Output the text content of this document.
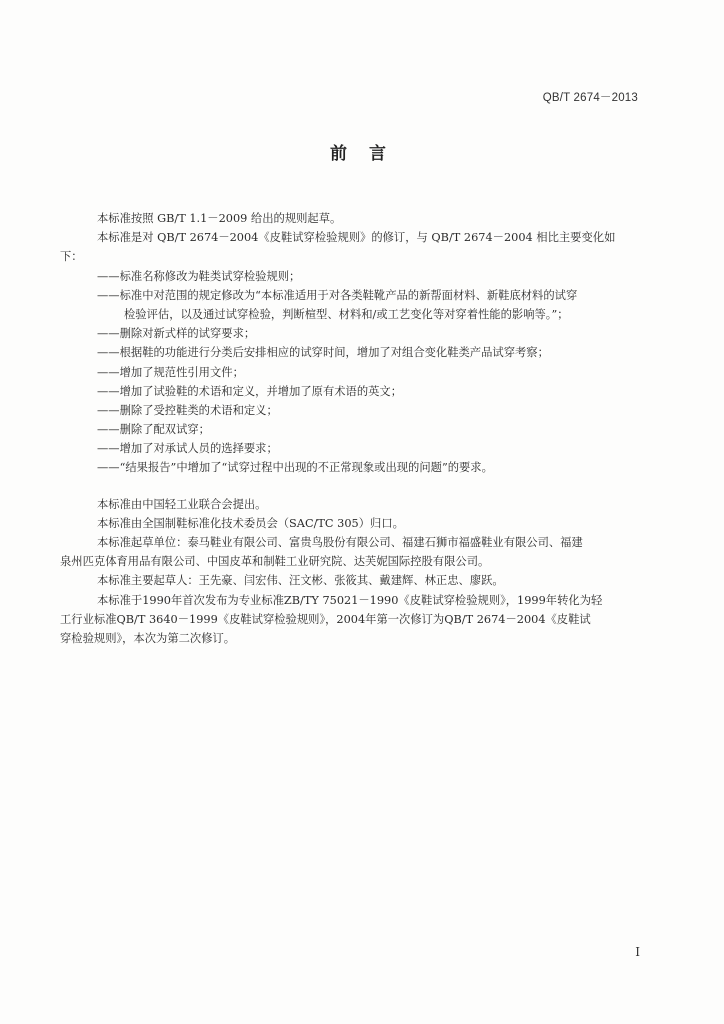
QB/T 2674－2013
前言
本标准按照 GB/T 1.1－2009 给出的规则起草。
本标准是对 QB/T 2674－2004《皮鞋试穿检验规则》的修订，与 QB/T 2674－2004 相比主要变化如
下：
——标准名称修改为鞋类试穿检验规则；
——标准中对范围的规定修改为“本标准适用于对各类鞋靴产品的新帮面材料、新鞋底材料的试穿
检验评估，以及通过试穿检验，判断楦型、材料和/或工艺变化等对穿着性能的影响等。”；
——删除对新式样的试穿要求；
——根据鞋的功能进行分类后安排相应的试穿时间，增加了对组合变化鞋类产品试穿考察；
——增加了规范性引用文件；
——增加了试验鞋的术语和定义，并增加了原有术语的英文；
——删除了受控鞋类的术语和定义；
——删除了配双试穿；
——增加了对承试人员的选择要求；
——“结果报告”中增加了“试穿过程中出现的不正常现象或出现的问题”的要求。
本标准由中国轻工业联合会提出。
本标准由全国制鞋标准化技术委员会（SAC/TC 305）归口。
本标准起草单位：泰马鞋业有限公司、富贵鸟股份有限公司、福建石狮市福盛鞋业有限公司、福建
泉州匹克体育用品有限公司、中国皮革和制鞋工业研究院、达芙妮国际控股有限公司。
本标准主要起草人：王先豪、闫宏伟、汪文彬、张筱其、戴建辉、林正忠、廖跃。
本标准于1990年首次发布为专业标准ZB/TY 75021－1990《皮鞋试穿检验规则》，1999年转化为轻
工行业标准QB/T 3640－1999《皮鞋试穿检验规则》，2004年第一次修订为QB/T 2674－2004《皮鞋试
穿检验规则》，本次为第二次修订。
I
